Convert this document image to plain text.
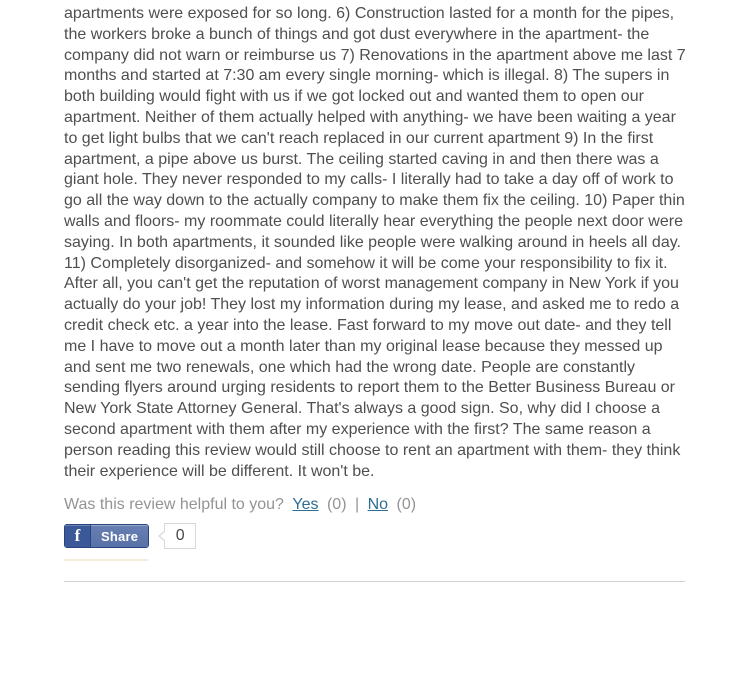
apartments were exposed for so long. 6) Construction lasted for a month for the pipes, the workers broke a bunch of things and got dust everywhere in the apartment- the company did not warn or reimburse us 7) Renovations in the apartment above me last 7 months and started at 7:30 am every single morning- which is illegal. 8) The supers in both building would fight with us if we got locked out and wanted them to open our apartment. Neither of them actually helped with anything- we have been waiting a year to get light bulbs that we can't reach replaced in our current apartment 9) In the first apartment, a pipe above us burst. The ceiling started caving in and then there was a giant hole. They never responded to my calls- I literally had to take a day off of work to go all the way down to the actually company to make them fix the ceiling. 10) Paper thin walls and floors- my roommate could literally hear everything the people next door were saying. In both apartments, it sounded like people were walking around in heels all day. 11) Completely disorganized- and somehow it will be come your responsibility to fix it. After all, you can't get the reputation of worst management company in New York if you actually do your job! They lost my information during my lease, and asked me to redo a credit check etc. a year into the lease. Fast forward to my move out date- and they tell me I have to move out a month later than my original lease because they messed up and sent me two renewals, one which had the wrong date. People are constantly sending flyers around urging residents to report them to the Better Business Bureau or New York State Attorney General. That's always a good sign. So, why did I choose a second apartment with them after my experience with the first? The same reason a person reading this review would still choose to rent an apartment with them- they think their experience will be different. It won't be.
Was this review helpful to you? Yes (0) | No (0)
f	Share	0
